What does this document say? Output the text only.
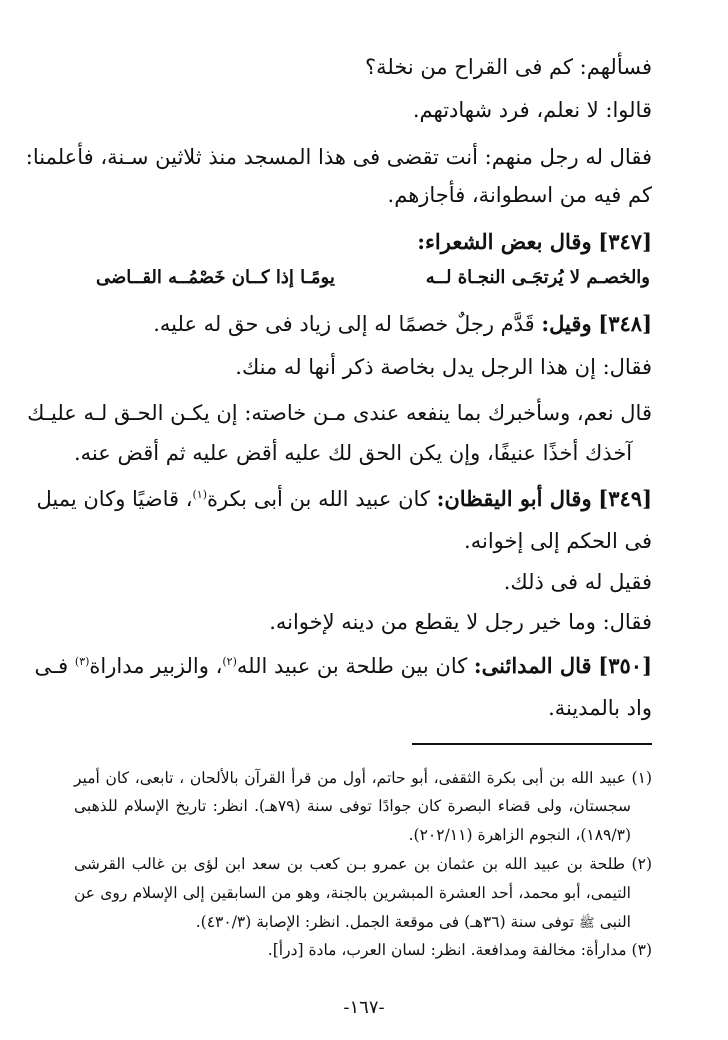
فسألهم: كم فى القراح من نخلة؟
قالوا: لا نعلم، فرد شهادتهم.
فقال له رجل منهم: أنت تقضى فى هذا المسجد منذ ثلاثين سـنة، فأعلمنا:
كم فيه من اسطوانة، فأجازهم.
[٣٤٧] وقال بعض الشعراء:
والخصـم لا يُرتجَـى النجـاة لــه
يومًـا إذا كــان خَصْمُــه القــاضى
[٣٤٨] وقيل: قَدَّم رجلٌ خصمًا له إلى زياد فى حق له عليه.
فقال: إن هذا الرجل يدل بخاصة ذكر أنها له منك.
قال نعم، وسأخبرك بما ينفعه عندى مـن خاصته: إن يكـن الحـق لـه عليـك
آخذك أخذًا عنيفًا، وإن يكن الحق لك عليه أقض عليه ثم أقض عنه.
[٣٤٩] وقال أبو اليقظان: كان عبيد الله بن أبى بكرة$^{(١)}$، قاضيًا وكان يميل
فى الحكم إلى إخوانه.
فقيل له فى ذلك.
فقال: وما خير رجل لا يقطع من دينه لإخوانه.
[٣٥٠] قال المدائنى: كان بين طلحة بن عبيد الله$^{(٢)}$، والزبير مداراة$^{(٣)}$ فـى
واد بالمدينة.
(١) عبيد الله بن أبى بكرة الثقفى، أبو حاتم، أول من قرأ القرآن بالألحان ، تابعى، كان أمير
سجستان، ولى قضاء البصرة كان جوادًا توفى سنة (٧٩هـ). انظر: تاريخ الإسلام للذهبى
(١٨٩/٣)، النجوم الزاهرة (٢٠٢/١١).
(٢) طلحة بن عبيد الله بن عثمان بن عمرو بـن كعب بن سعد ابن لؤى بن غالب القرشى
التيمى، أبو محمد، أحد العشرة المبشرين بالجنة، وهو من السابقين إلى الإسلام روى عن
النبى ﷺ توفى سنة (٣٦هـ) فى موقعة الجمل. انظر: الإصابة (٤٣٠/٣).
(٣) مدارأة: مخالفة ومدافعة. انظر: لسان العرب، مادة [درأ].
-١٦٧-
